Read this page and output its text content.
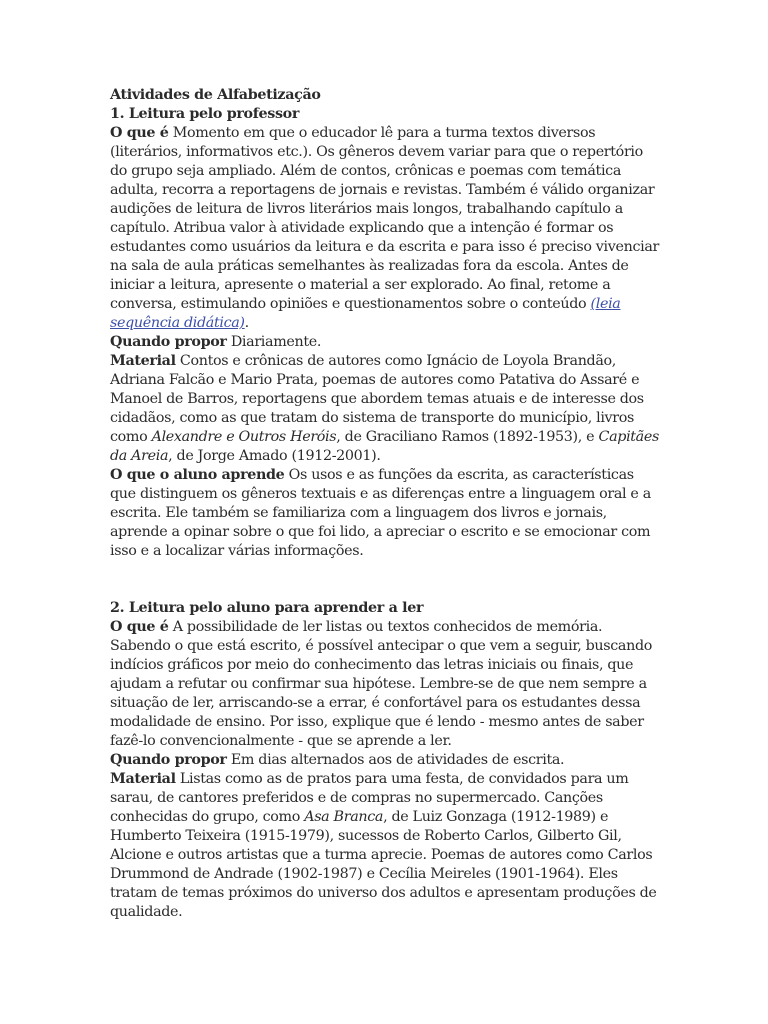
Atividades de Alfabetização
1. Leitura pelo professor

O que é Momento em que o educador lê para a turma textos diversos (literários, informativos etc.). Os gêneros devem variar para que o repertório do grupo seja ampliado. Além de contos, crônicas e poemas com temática adulta, recorra a reportagens de jornais e revistas. Também é válido organizar audições de leitura de livros literários mais longos, trabalhando capítulo a capítulo. Atribua valor à atividade explicando que a intenção é formar os estudantes como usuários da leitura e da escrita e para isso é preciso vivenciar na sala de aula práticas semelhantes às realizadas fora da escola. Antes de iniciar a leitura, apresente o material a ser explorado. Ao final, retome a conversa, estimulando opiniões e questionamentos sobre o conteúdo (leia sequência didática).

Quando propor Diariamente.

Material Contos e crônicas de autores como Ignácio de Loyola Brandão, Adriana Falcão e Mario Prata, poemas de autores como Patativa do Assaré e Manoel de Barros, reportagens que abordem temas atuais e de interesse dos cidadãos, como as que tratam do sistema de transporte do município, livros como Alexandre e Outros Heróis, de Graciliano Ramos (1892-1953), e Capitães da Areia, de Jorge Amado (1912-2001).

O que o aluno aprende Os usos e as funções da escrita, as características que distinguem os gêneros textuais e as diferenças entre a linguagem oral e a escrita. Ele também se familiariza com a linguagem dos livros e jornais, aprende a opinar sobre o que foi lido, a apreciar o escrito e se emocionar com isso e a localizar várias informações.

2. Leitura pelo aluno para aprender a ler

O que é A possibilidade de ler listas ou textos conhecidos de memória. Sabendo o que está escrito, é possível antecipar o que vem a seguir, buscando indícios gráficos por meio do conhecimento das letras iniciais ou finais, que ajudam a refutar ou confirmar sua hipótese. Lembre-se de que nem sempre a situação de ler, arriscando-se a errar, é confortável para os estudantes dessa modalidade de ensino. Por isso, explique que é lendo - mesmo antes de saber fazê-lo convencionalmente - que se aprende a ler.

Quando propor Em dias alternados aos de atividades de escrita.

Material Listas como as de pratos para uma festa, de convidados para um sarau, de cantores preferidos e de compras no supermercado. Canções conhecidas do grupo, como Asa Branca, de Luiz Gonzaga (1912-1989) e Humberto Teixeira (1915-1979), sucessos de Roberto Carlos, Gilberto Gil, Alcione e outros artistas que a turma aprecie. Poemas de autores como Carlos Drummond de Andrade (1902-1987) e Cecília Meireles (1901-1964). Eles tratam de temas próximos do universo dos adultos e apresentam produções de qualidade.
